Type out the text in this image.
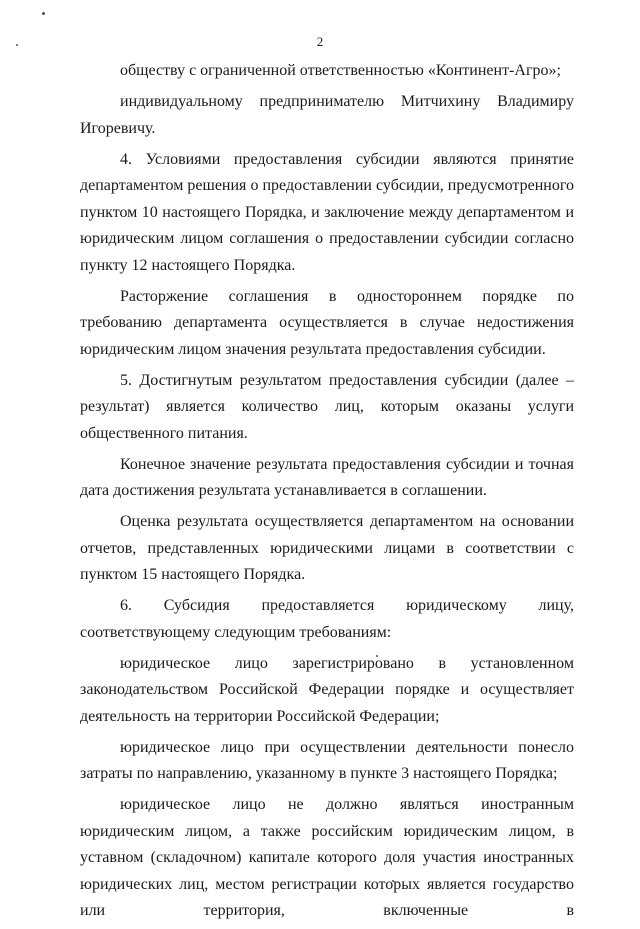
2

обществу с ограниченной ответственностью «Континент-Агро»;

индивидуальному предпринимателю Митчихину Владимиру Игоревичу.

4. Условиями предоставления субсидии являются принятие департаментом решения о предоставлении субсидии, предусмотренного пунктом 10 настоящего Порядка, и заключение между департаментом и юридическим лицом соглашения о предоставлении субсидии согласно пункту 12 настоящего Порядка.

Расторжение соглашения в одностороннем порядке по требованию департамента осуществляется в случае недостижения юридическим лицом значения результата предоставления субсидии.

5. Достигнутым результатом предоставления субсидии (далее – результат) является количество лиц, которым оказаны услуги общественного питания.

Конечное значение результата предоставления субсидии и точная дата достижения результата устанавливается в соглашении.

Оценка результата осуществляется департаментом на основании отчетов, представленных юридическими лицами в соответствии с пунктом 15 настоящего Порядка.

6. Субсидия предоставляется юридическому лицу, соответствующему следующим требованиям:

юридическое лицо зарегистрировано в установленном законодательством Российской Федерации порядке и осуществляет деятельность на территории Российской Федерации;

юридическое лицо при осуществлении деятельности понесло затраты по направлению, указанному в пункте 3 настоящего Порядка;

юридическое лицо не должно являться иностранным юридическим лицом, а также российским юридическим лицом, в уставном (складочном) капитале которого доля участия иностранных юридических лиц, местом регистрации которых является государство или территория, включенные в
